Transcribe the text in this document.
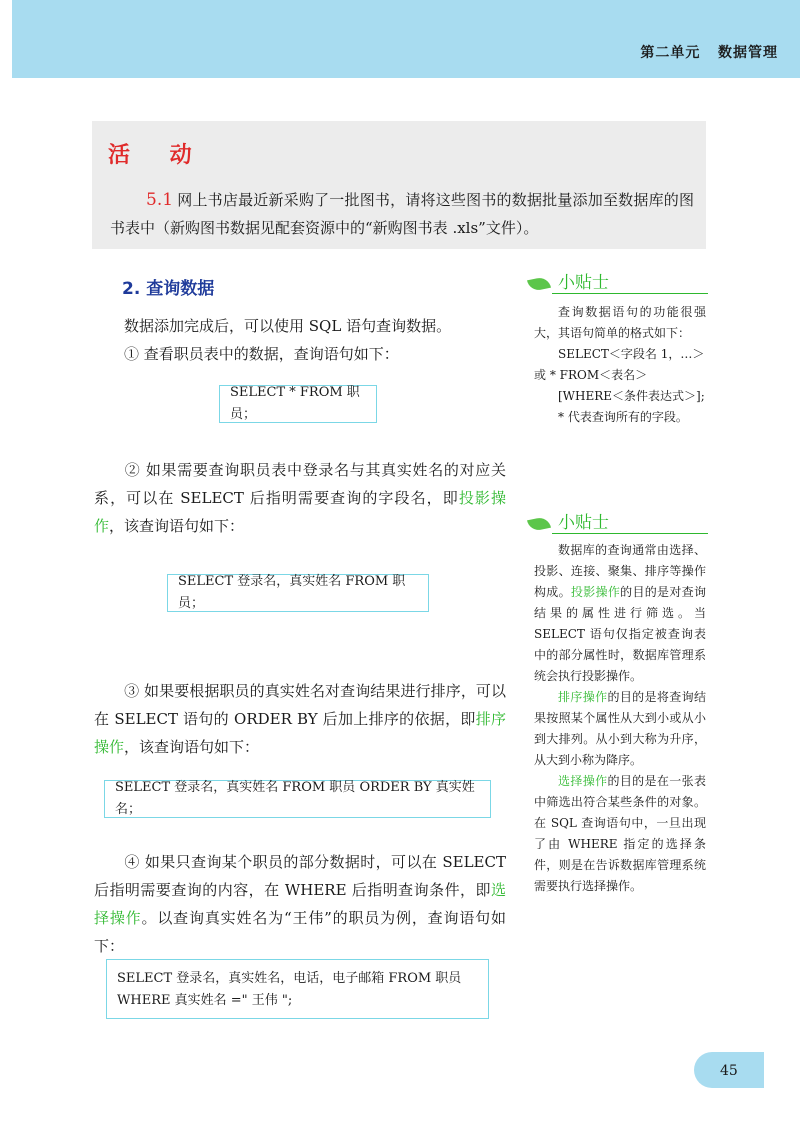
第二单元 数据管理
活 动
5.1 网上书店最近新采购了一批图书，请将这些图书的数据批量添加至数据库的图书表中（新购图书数据见配套资源中的“新购图书表 .xls”文件）。
2. 查询数据
数据添加完成后，可以使用 SQL 语句查询数据。
① 查看职员表中的数据，查询语句如下：
SELECT * FROM 职员；
② 如果需要查询职员表中登录名与其真实姓名的对应关系，可以在 SELECT 后指明需要查询的字段名，即投影操作，该查询语句如下：
SELECT 登录名，真实姓名 FROM 职员；
③ 如果要根据职员的真实姓名对查询结果进行排序，可以在 SELECT 语句的 ORDER BY 后加上排序的依据，即排序操作，该查询语句如下：
SELECT 登录名，真实姓名 FROM 职员 ORDER BY 真实姓名；
④ 如果只查询某个职员的部分数据时，可以在 SELECT 后指明需要查询的内容，在 WHERE 后指明查询条件，即选择操作。以查询真实姓名为“王伟”的职员为例，查询语句如下：
SELECT 登录名，真实姓名，电话，电子邮箱 FROM 职员
WHERE 真实姓名 =" 王伟 ";
小贴士

查询数据语句的功能很强大，其语句简单的格式如下：

SELECT＜字段名 1，…＞

或 * FROM＜表名＞

[WHERE＜条件表达式＞];

* 代表查询所有的字段。

小贴士

数据库的查询通常由选择、投影、连接、聚集、排序等操作构成。投影操作的目的是对查询结果的属性进行筛选。当 SELECT 语句仅指定被查询表中的部分属性时，数据库管理系统会执行投影操作。

排序操作的目的是将查询结果按照某个属性从大到小或从小到大排列。从小到大称为升序，从大到小称为降序。

选择操作的目的是在一张表中筛选出符合某些条件的对象。在 SQL 查询语句中，一旦出现了由 WHERE 指定的选择条件，则是在告诉数据库管理系统需要执行选择操作。

45
